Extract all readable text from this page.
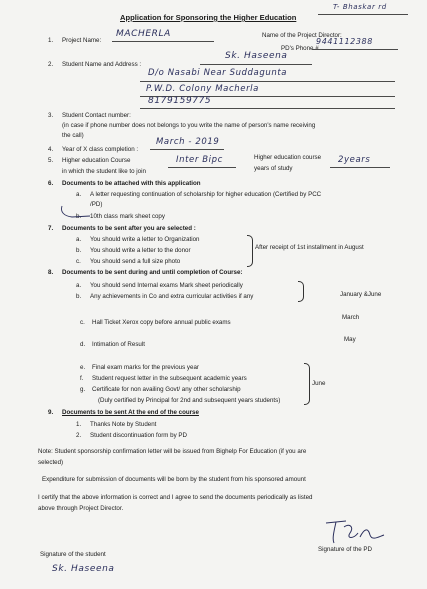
Application for Sponsoring the Higher Education
T- Bhaskar rd
1. Project Name:
MACHERLA	Name of the Project Director:
PD's Phone #
9441112388
2. Student Name and Address :
Sk. Haseena
D/o Nasabi Near Suddagunta
P.W.D. Colony Macherla
8179159775
3. Student Contact number:
(in case if phone number does not belongs to you write the name of person's name receiving
the call)
4. Year of X class completion :
March - 2019
5. Higher education Course
in which the student like to join
Inter Bipc	Higher education course
years of study
2years
6. Documents to be attached with this application
a. A letter requesting continuation of scholarship for higher education (Certified by PCC
/PD)
b. 10th class mark sheet copy
7. Documents to be sent after you are selected :
a. You should write a letter to Organization
b. You should write a letter to the donor
c. You should send a full size photo
After receipt of 1st installment in August
8. Documents to be sent during and until completion of Course:
a. You should send Internal exams Mark sheet periodically
b. Any achievements in Co and extra curricular activities if any	January &June
c. Hall Ticket Xerox copy before annual public exams
March
d. Intimation of Result
May
e. Final exam marks for the previous year
f. Student request letter in the subsequent academic years
g. Certificate for non availing Govt/ any other scholarship
(Duly certified by Principal for 2nd and subsequent years students)
June
9. Documents to be sent At the end of the course
1. Thanks Note by Student
2. Student discontinuation form by PD
Note: Student sponsorship confirmation letter will be issued from Bighelp For Education (if you are
selected)
Expenditure for submission of documents will be born by the student from his sponsored amount
I certify that the above information is correct and I agree to send the documents periodically as listed
above through Project Director.
Signature of the PD
Signature of the student
Sk. Haseena
